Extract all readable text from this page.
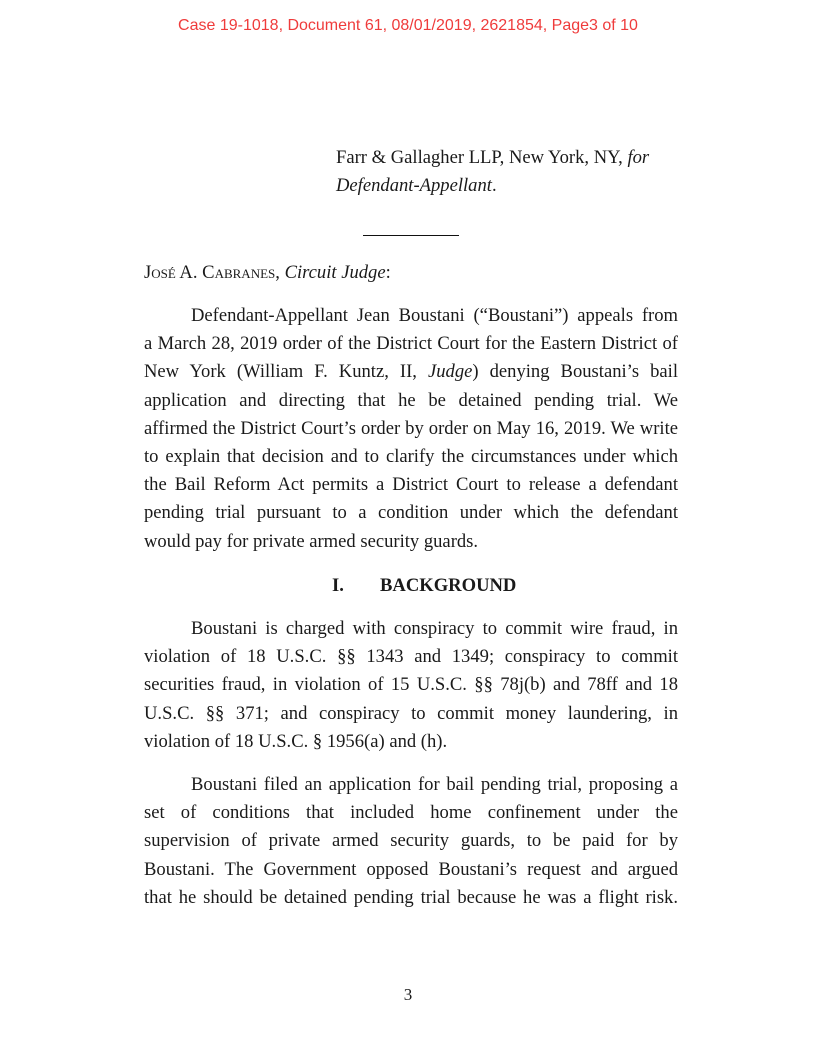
Case 19-1018, Document 61, 08/01/2019, 2621854, Page3 of 10
Farr & Gallagher LLP, New York, NY, for
Defendant-Appellant.
José A. Cabranes, Circuit Judge:
Defendant-Appellant Jean Boustani (“Boustani”) appeals from
a March 28, 2019 order of the District Court for the Eastern District of
New York (William F. Kuntz, II, Judge) denying Boustani’s bail
application and directing that he be detained pending trial. We
affirmed the District Court’s order by order on May 16, 2019. We write
to explain that decision and to clarify the circumstances under which
the Bail Reform Act permits a District Court to release a defendant
pending trial pursuant to a condition under which the defendant
would pay for private armed security guards.
I. BACKGROUND
Boustani is charged with conspiracy to commit wire fraud, in
violation of 18 U.S.C. §§ 1343 and 1349; conspiracy to commit
securities fraud, in violation of 15 U.S.C. §§ 78j(b) and 78ff and 18
U.S.C. §§ 371; and conspiracy to commit money laundering, in
violation of 18 U.S.C. § 1956(a) and (h).
Boustani filed an application for bail pending trial, proposing a
set of conditions that included home confinement under the
supervision of private armed security guards, to be paid for by
Boustani. The Government opposed Boustani’s request and argued
that he should be detained pending trial because he was a flight risk.
3
